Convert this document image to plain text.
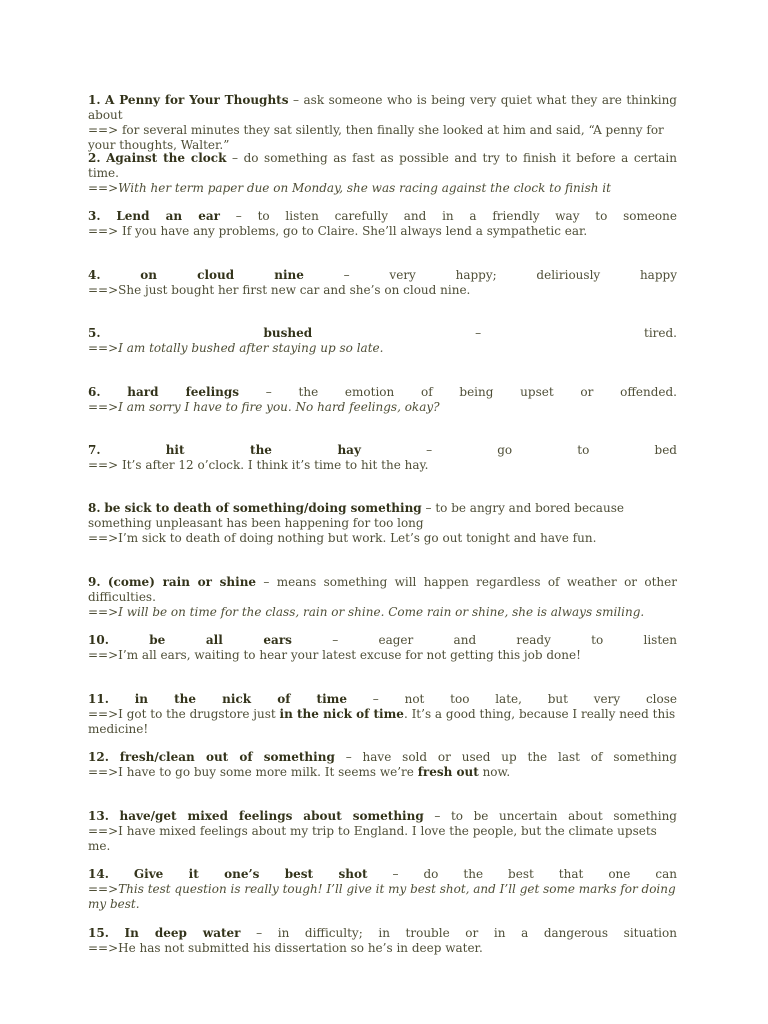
1. A Penny for Your Thoughts – ask someone who is being very quiet what they are thinking about
==> for several minutes they sat silently, then finally she looked at him and said, “A penny for your thoughts, Walter.”
2. Against the clock – do something as fast as possible and try to finish it before a certain time.
==>With her term paper due on Monday, she was racing against the clock to finish it
3. Lend an ear – to listen carefully and in a friendly way to someone
==> If you have any problems, go to Claire. She’ll always lend a sympathetic ear.
4.	on cloud nine	– very happy; deliriously happy
==>She just bought her first new car and she’s on cloud nine.
5.	bushed	– tired.
==>I am totally bushed after staying up so late.
6. hard feelings – the emotion of being upset or offended.
==>I am sorry I have to fire you. No hard feelings, okay?
7.	hit the hay	– go to bed
==> It’s after 12 o’clock. I think it’s time to hit the hay.
8. be sick to death of something/doing something – to be angry and bored because something unpleasant has been happening for too long
==>I’m sick to death of doing nothing but work. Let’s go out tonight and have fun.
9. (come) rain or shine – means something will happen regardless of weather or other difficulties.
==>I will be on time for the class, rain or shine. Come rain or shine, she is always smiling.
10.	be all ears	– eager and ready to listen
==>I’m all ears, waiting to hear your latest excuse for not getting this job done!
11. in the nick of time – not too late, but very close
==>I got to the drugstore just in the nick of time. It’s a good thing, because I really need this medicine!
12. fresh/clean out of something – have sold or used up the last of something
==>I have to go buy some more milk. It seems we’re fresh out now.
13. have/get mixed feelings about something – to be uncertain about something
==>I have mixed feelings about my trip to England. I love the people, but the climate upsets me.
14. Give it one’s best shot – do the best that one can
==>This test question is really tough! I’ll give it my best shot, and I’ll get some marks for doing my best.
15. In deep water – in difficulty; in trouble or in a dangerous situation
==>He has not submitted his dissertation so he’s in deep water.
